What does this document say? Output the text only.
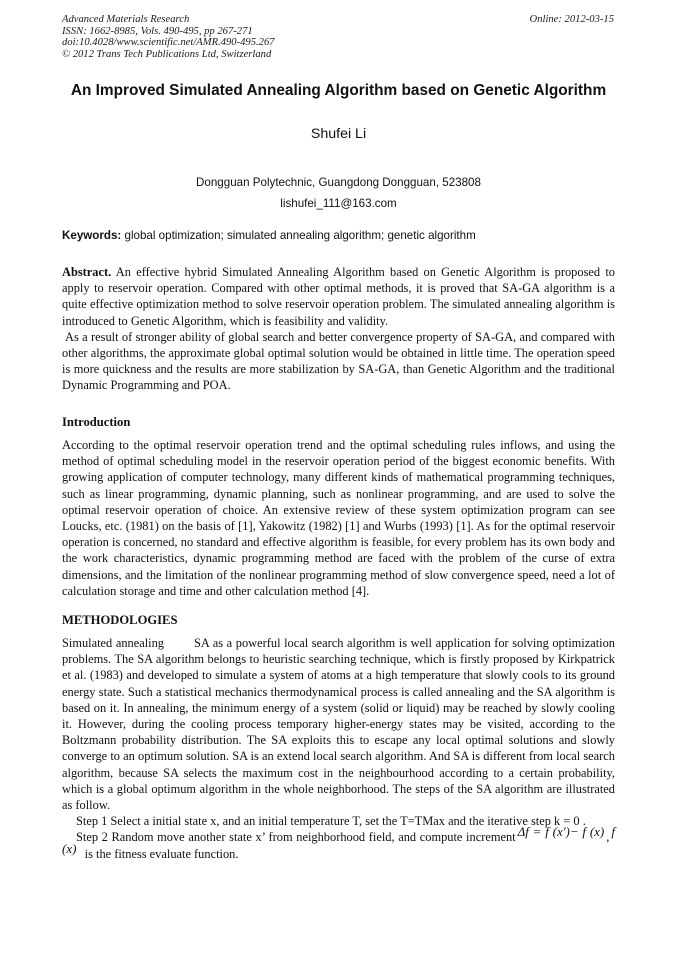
Advanced Materials Research
ISSN: 1662-8985, Vols. 490-495, pp 267-271
doi:10.4028/www.scientific.net/AMR.490-495.267
© 2012 Trans Tech Publications Ltd, Switzerland
Online: 2012-03-15
An Improved Simulated Annealing Algorithm based on Genetic Algorithm
Shufei Li
Dongguan Polytechnic, Guangdong Dongguan, 523808
lishufei_111@163.com
Keywords: global optimization; simulated annealing algorithm; genetic algorithm

Abstract. An effective hybrid Simulated Annealing Algorithm based on Genetic Algorithm is proposed to apply to reservoir operation. Compared with other optimal methods, it is proved that SA-GA algorithm is a quite effective optimization method to solve reservoir operation problem. The simulated annealing algorithm is introduced to Genetic Algorithm, which is feasibility and validity.

As a result of stronger ability of global search and better convergence property of SA-GA, and compared with other algorithms, the approximate global optimal solution would be obtained in little time. The operation speed is more quickness and the results are more stabilization by SA-GA, than Genetic Algorithm and the traditional Dynamic Programming and POA.

Introduction

According to the optimal reservoir operation trend and the optimal scheduling rules inflows, and using the method of optimal scheduling model in the reservoir operation period of the biggest economic benefits. With growing application of computer technology, many different kinds of mathematical programming techniques, such as linear programming, dynamic planning, such as nonlinear programming, and are used to solve the optimal reservoir operation of choice. An extensive review of these system optimization program can see Loucks, etc. (1981) on the basis of [1], Yakowitz (1982) [1] and Wurbs (1993) [1]. As for the optimal reservoir operation is concerned, no standard and effective algorithm is feasible, for every problem has its own body and the work characteristics, dynamic programming method are faced with the problem of the curse of extra dimensions, and the limitation of the nonlinear programming method of slow convergence speed, need a lot of calculation storage and time and other calculation method [4].

METHODOLOGIES

Simulated annealing SA as a powerful local search algorithm is well application for solving optimization problems. The SA algorithm belongs to heuristic searching technique, which is firstly proposed by Kirkpatrick et al. (1983) and developed to simulate a system of atoms at a high temperature that slowly cools to its ground energy state. Such a statistical mechanics thermodynamical process is called annealing and the SA algorithm is based on it. In annealing, the minimum energy of a system (solid or liquid) may be reached by slowly cooling it. However, during the cooling process temporary higher-energy states may be visited, according to the Boltzmann probability distribution. The SA exploits this to escape any local optimal solutions and slowly converge to an optimum solution. SA is an extend local search algorithm. And SA is different from local search algorithm, because SA selects the maximum cost in the neighbourhood according to a certain probability, which is a global optimum algorithm in the whole neighborhood. The steps of the SA algorithm are illustrated as follow.

Step 1 Select a initial state x, and an initial temperature T, set the T=TMax and the iterative step k = 0 .

Step 2 Random move another state x’ from neighborhood field, and compute increment Δf = f (x')− f (x) , f (x) is the fitness evaluate function.
